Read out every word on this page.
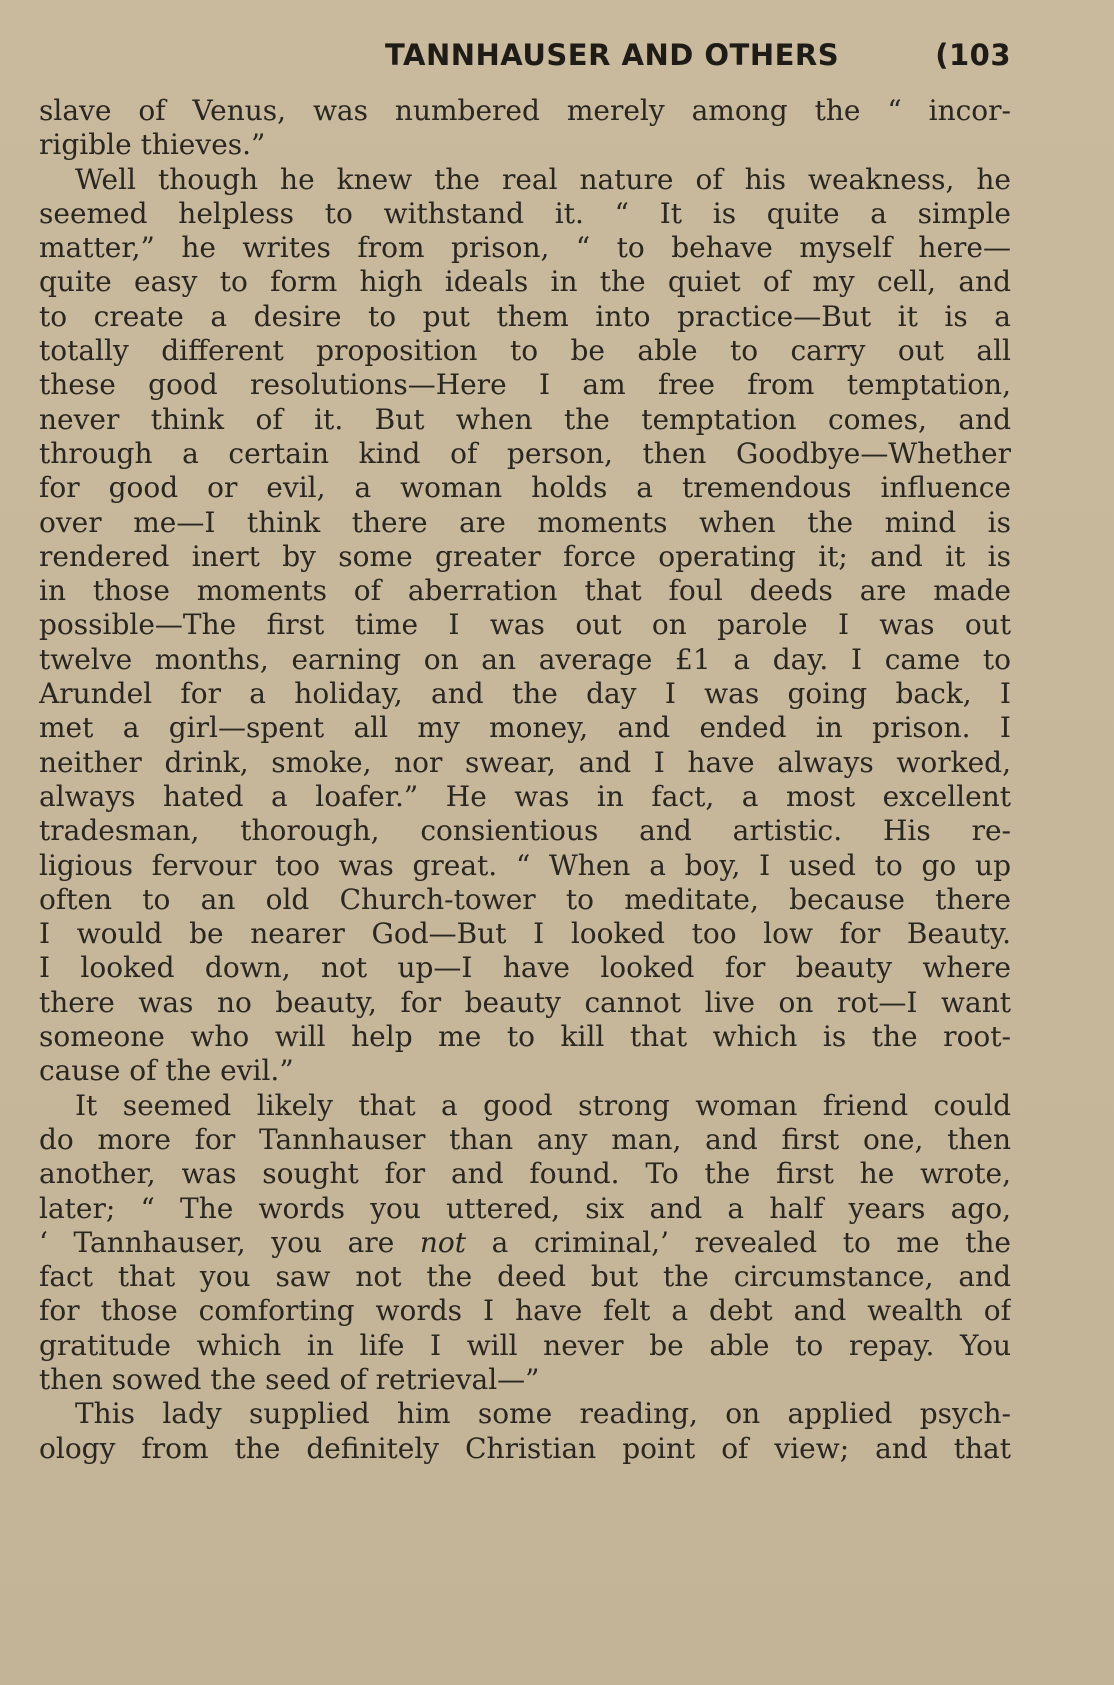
TANNHAUSER AND OTHERS	(103
slave of Venus, was numbered merely among the “ incor-
rigible thieves.”
Well though he knew the real nature of his weakness, he
seemed helpless to withstand it. “ It is quite a simple
matter,” he writes from prison, “ to behave myself here—
quite easy to form high ideals in the quiet of my cell, and
to create a desire to put them into practice—But it is a
totally different proposition to be able to carry out all
these good resolutions—Here I am free from temptation,
never think of it. But when the temptation comes, and
through a certain kind of person, then Goodbye—Whether
for good or evil, a woman holds a tremendous influence
over me—I think there are moments when the mind is
rendered inert by some greater force operating it; and it is
in those moments of aberration that foul deeds are made
possible—The first time I was out on parole I was out
twelve months, earning on an average £1 a day. I came to
Arundel for a holiday, and the day I was going back, I
met a girl—spent all my money, and ended in prison. I
neither drink, smoke, nor swear, and I have always worked,
always hated a loafer.” He was in fact, a most excellent
tradesman, thorough, consientious and artistic. His re-
ligious fervour too was great. “ When a boy, I used to go up
often to an old Church-tower to meditate, because there
I would be nearer God—But I looked too low for Beauty.
I looked down, not up—I have looked for beauty where
there was no beauty, for beauty cannot live on rot—I want
someone who will help me to kill that which is the root-
cause of the evil.”
It seemed likely that a good strong woman friend could
do more for Tannhauser than any man, and first one, then
another, was sought for and found. To the first he wrote,
later; “ The words you uttered, six and a half years ago,
‘ Tannhauser, you are not a criminal,’ revealed to me the
fact that you saw not the deed but the circumstance, and
for those comforting words I have felt a debt and wealth of
gratitude which in life I will never be able to repay. You
then sowed the seed of retrieval—”
This lady supplied him some reading, on applied psych-
ology from the definitely Christian point of view; and that
